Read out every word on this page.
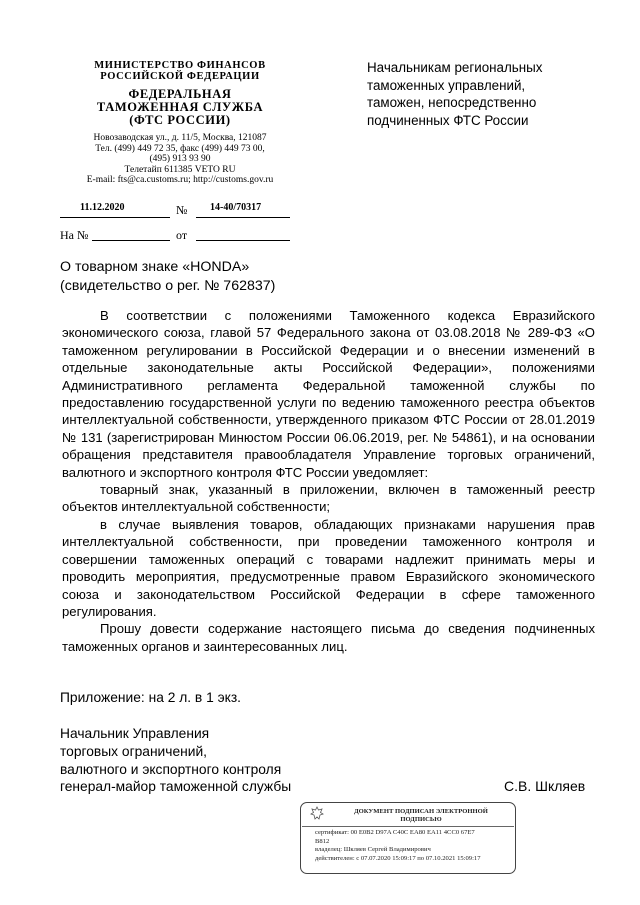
МИНИСТЕРСТВО ФИНАНСОВ
РОССИЙСКОЙ ФЕДЕРАЦИИ
ФЕДЕРАЛЬНАЯ
ТАМОЖЕННАЯ СЛУЖБА
(ФТС РОССИИ)
Новозаводская ул., д. 11/5, Москва, 121087
Тел. (499) 449 72 35, факс (499) 449 73 00,
(495) 913 93 90
Телетайп 611385 VETO RU
E-mail: fts@ca.customs.ru; http://customs.gov.ru
11.12.2020	№ 14-40/70317
На №	от
Начальникам региональных
таможенных управлений,
таможен, непосредственно
подчиненных ФТС России
О товарном знаке «HONDA»
(свидетельство о рег. № 762837)

В соответствии с положениями Таможенного кодекса Евразийского экономического союза, главой 57 Федерального закона от 03.08.2018 № 289-ФЗ «О таможенном регулировании в Российской Федерации и о внесении изменений в отдельные законодательные акты Российской Федерации», положениями Административного регламента Федеральной таможенной службы по предоставлению государственной услуги по ведению таможенного реестра объектов интеллектуальной собственности, утвержденного приказом ФТС России от 28.01.2019 № 131 (зарегистрирован Минюстом России 06.06.2019, рег. № 54861), и на основании обращения представителя правообладателя Управление торговых ограничений, валютного и экспортного контроля ФТС России уведомляет:

товарный знак, указанный в приложении, включен в таможенный реестр объектов интеллектуальной собственности;

в случае выявления товаров, обладающих признаками нарушения прав интеллектуальной собственности, при проведении таможенного контроля и совершении таможенных операций с товарами надлежит принимать меры и проводить мероприятия, предусмотренные правом Евразийского экономического союза и законодательством Российской Федерации в сфере таможенного регулирования.

Прошу довести содержание настоящего письма до сведения подчиненных таможенных органов и заинтересованных лиц.

Приложение: на 2 л. в 1 экз.
Начальник Управления
торговых ограничений,
валютного и экспортного контроля
генерал-майор таможенной службы	С.В. Шкляев
ДОКУМЕНТ ПОДПИСАН ЭЛЕКТРОННОЙ
ПОДПИСЬЮ
сертификат: 00 E0B2 D97A C40C EA80 EA11 4CC0 67E7
B812
владелец: Шкляев Сергей Владимирович
действителен: с 07.07.2020 15:09:17 по 07.10.2021 15:09:17
